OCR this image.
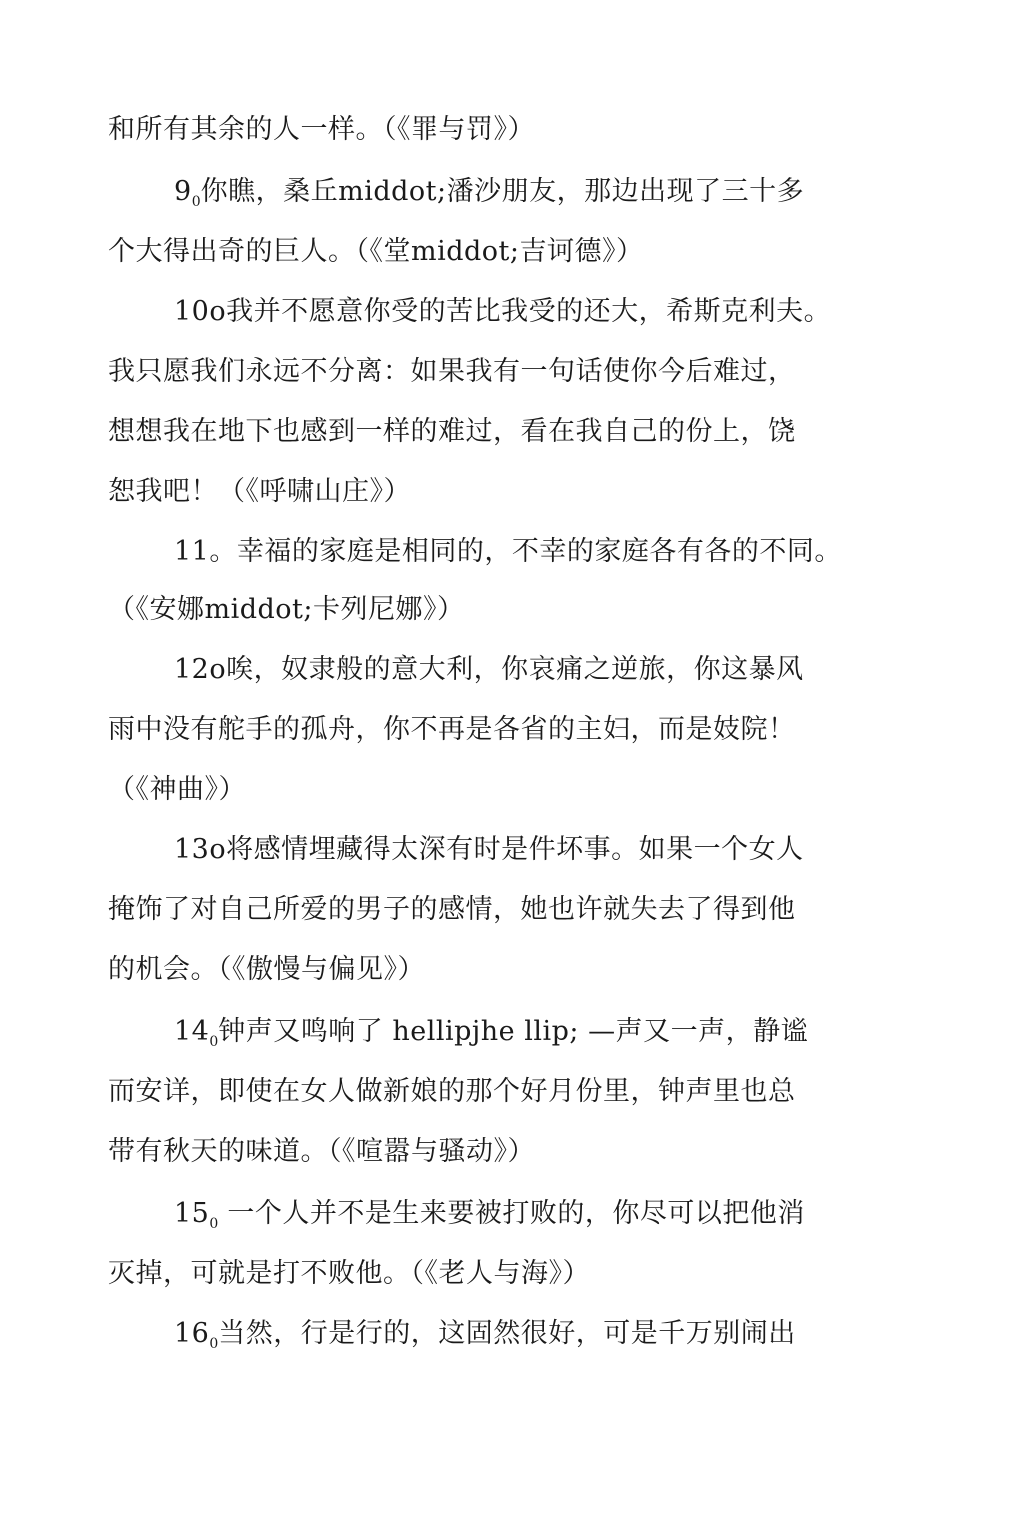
和所有其余的人一样。（《罪与罚》）
$9_0$你瞧，桑丘middot;潘沙朋友，那边出现了三十多
个大得出奇的巨人。（《堂middot;吉诃德》）
10o我并不愿意你受的苦比我受的还大，希斯克利夫。
我只愿我们永远不分离：如果我有一句话使你今后难过，
想想我在地下也感到一样的难过，看在我自己的份上，饶
恕我吧！（《呼啸山庄》）
11。幸福的家庭是相同的，不幸的家庭各有各的不同。
（《安娜middot;卡列尼娜》）
12o唉，奴隶般的意大利，你哀痛之逆旅，你这暴风
雨中没有舵手的孤舟，你不再是各省的主妇，而是妓院！
（《神曲》）
13o将感情埋藏得太深有时是件坏事。如果一个女人
掩饰了对自己所爱的男子的感情，她也许就失去了得到他
的机会。（《傲慢与偏见》）
$14_0$钟声又鸣响了 hellipjhe llip; —声又一声，静谧
而安详，即使在女人做新娘的那个好月份里，钟声里也总
带有秋天的味道。（《喧嚣与骚动》）
$15_0$ 一个人并不是生来要被打败的，你尽可以把他消
灭掉，可就是打不败他。（《老人与海》）
$16_0$当然，行是行的，这固然很好，可是千万别闹出
